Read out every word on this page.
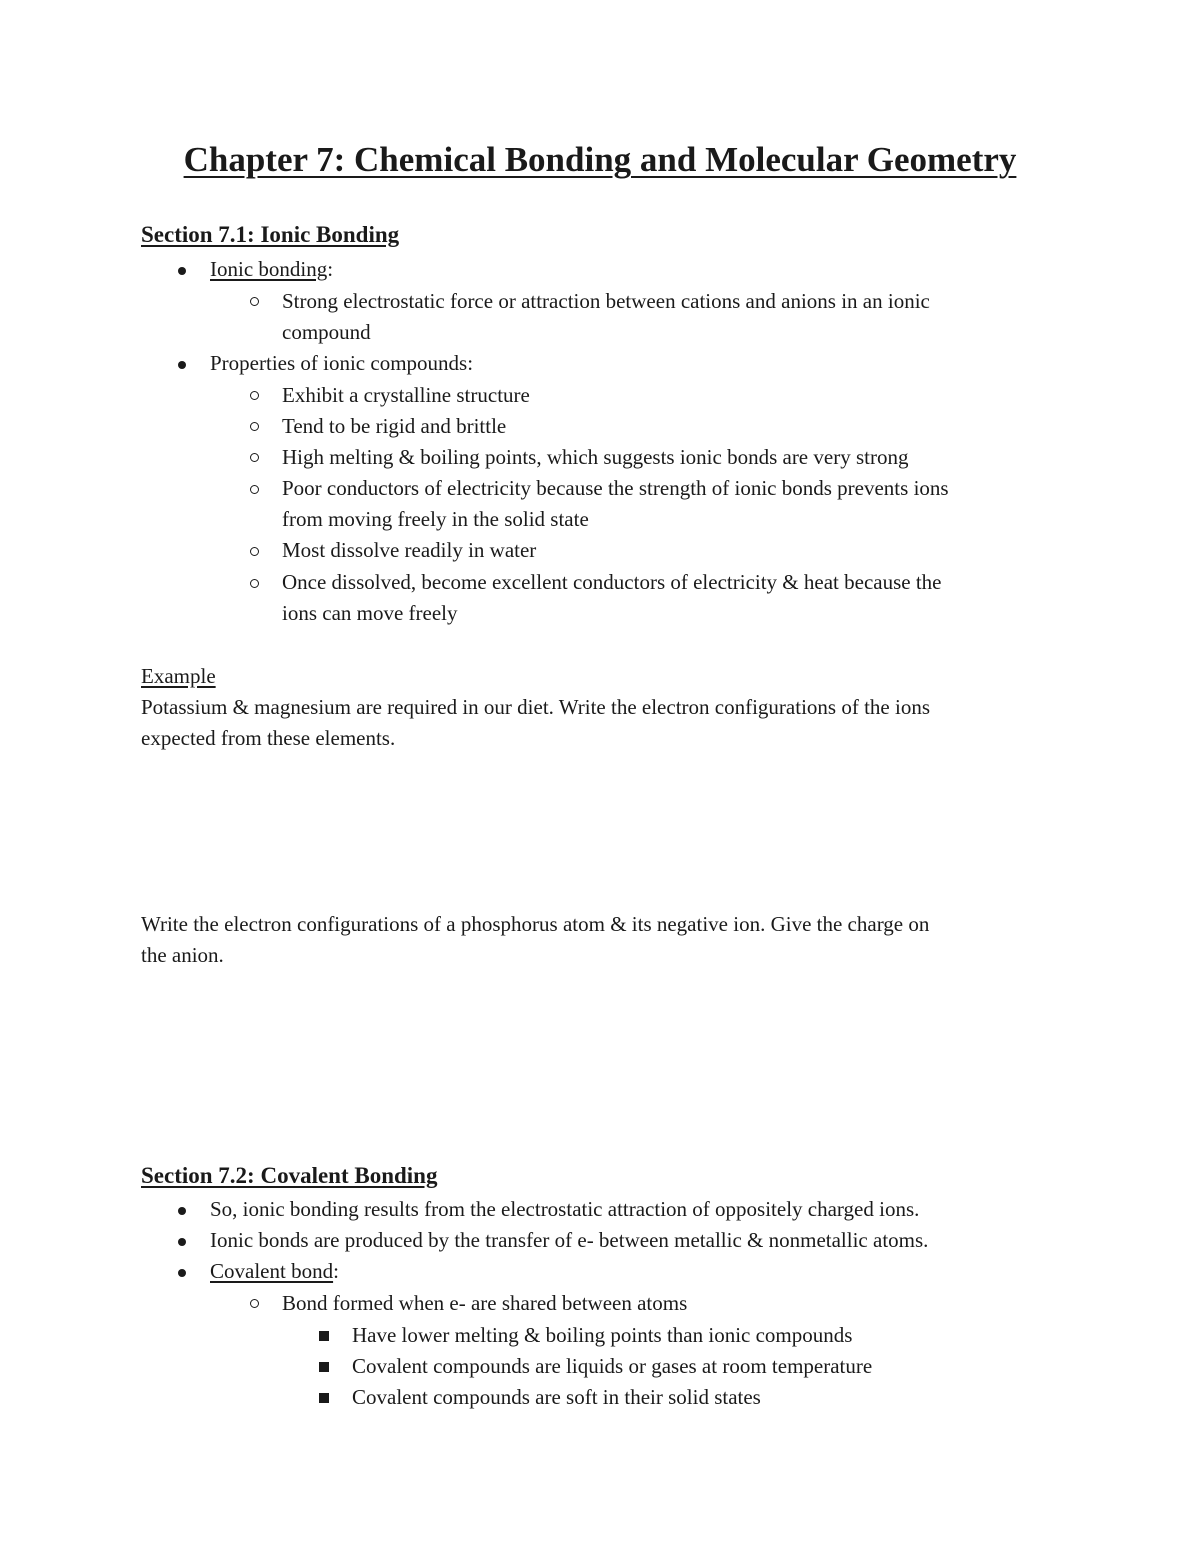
Chapter 7: Chemical Bonding and Molecular Geometry
Section 7.1: Ionic Bonding
Ionic bonding:
Strong electrostatic force or attraction between cations and anions in an ionic
compound
Properties of ionic compounds:
Exhibit a crystalline structure
Tend to be rigid and brittle
High melting & boiling points, which suggests ionic bonds are very strong
Poor conductors of electricity because the strength of ionic bonds prevents ions
from moving freely in the solid state
Most dissolve readily in water
Once dissolved, become excellent conductors of electricity & heat because the
ions can move freely
Example
Potassium & magnesium are required in our diet. Write the electron configurations of the ions
expected from these elements.
Write the electron configurations of a phosphorus atom & its negative ion. Give the charge on
the anion.
Section 7.2: Covalent Bonding
So, ionic bonding results from the electrostatic attraction of oppositely charged ions.
Ionic bonds are produced by the transfer of e- between metallic & nonmetallic atoms.
Covalent bond:
Bond formed when e- are shared between atoms
Have lower melting & boiling points than ionic compounds
Covalent compounds are liquids or gases at room temperature
Covalent compounds are soft in their solid states
